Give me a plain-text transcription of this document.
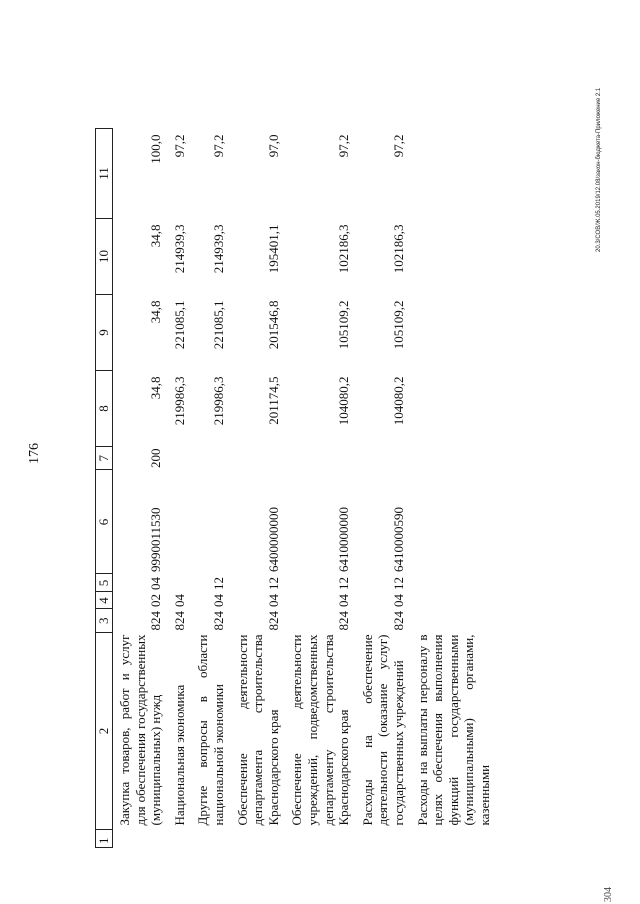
176
1	2	3	4	5	6	7	8	9	10	11
	Закупка товаров, работ и услуг для обеспечения государственных (муниципальных) нужд	824	02	04	9990011530	200	34,8	34,8	34,8	100,0
	Национальная экономика	824	04				219986,3	221085,1	214939,3	97,2
	Другие вопросы в области национальной экономики	824	04	12			219986,3	221085,1	214939,3	97,2
	Обеспечение деятельности департамента строительства Краснодарского края	824	04	12	6400000000		201174,5	201546,8	195401,1	97,0
	Обеспечение деятельности учреждений, подведомственных департаменту строительства Краснодарского края	824	04	12	6410000000		104080,2	105109,2	102186,3	97,2
	Расходы на обеспечение деятельности (оказание услуг) государственных учреждений	824	04	12	6410000590		104080,2	105109,2	102186,3	97,2
	Расходы на выплаты персоналу в целях обеспечения выполнения функций государственными (муниципальными) органами, казенными									
20.3/СОВ/Ж.05.2019/12.08/закон-бюджета-Приложение 2.1
304
